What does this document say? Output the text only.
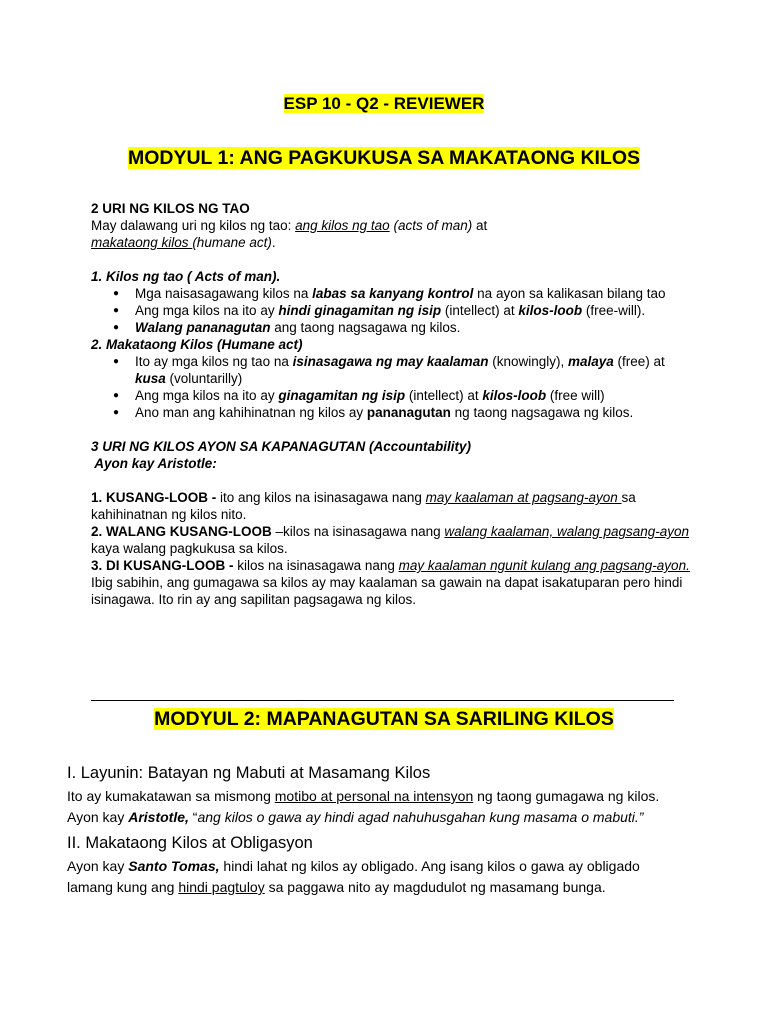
ESP 10 - Q2 - REVIEWER
MODYUL 1: ANG PAGKUKUSA SA MAKATAONG KILOS

2 URI NG KILOS NG TAO

May dalawang uri ng kilos ng tao: ang kilos ng tao (acts of man) at
makataong kilos (humane act).

1. Kilos ng tao ( Acts of man).

● Mga naisasagawang kilos na labas sa kanyang kontrol na ayon sa kalikasan bilang tao
● Ang mga kilos na ito ay hindi ginagamitan ng isip (intellect) at kilos-loob (free-will).
● Walang pananagutan ang taong nagsagawa ng kilos.

2. Makataong Kilos (Humane act)

● Ito ay mga kilos ng tao na isinasagawa ng may kaalaman (knowingly), malaya (free) at kusa (voluntarilly)
● Ang mga kilos na ito ay ginagamitan ng isip (intellect) at kilos-loob (free will)
● Ano man ang kahihinatnan ng kilos ay pananagutan ng taong nagsagawa ng kilos.

3 URI NG KILOS AYON SA KAPANAGUTAN (Accountability)

Ayon kay Aristotle:

1. KUSANG-LOOB - ito ang kilos na isinasagawa nang may kaalaman at pagsang-ayon sa kahihinatnan ng kilos nito.

2. WALANG KUSANG-LOOB –kilos na isinasagawa nang walang kaalaman, walang pagsang-ayon kaya walang pagkukusa sa kilos.

3. DI KUSANG-LOOB - kilos na isinasagawa nang may kaalaman ngunit kulang ang pagsang-ayon. Ibig sabihin, ang gumagawa sa kilos ay may kaalaman sa gawain na dapat isakatuparan pero hindi isinagawa. Ito rin ay ang sapilitan pagsagawa ng kilos.

MODYUL 2: MAPANAGUTAN SA SARILING KILOS

I. Layunin: Batayan ng Mabuti at Masamang Kilos

Ito ay kumakatawan sa mismong motibo at personal na intensyon ng taong gumagawa ng kilos. Ayon kay Aristotle, “ang kilos o gawa ay hindi agad nahuhusgahan kung masama o mabuti.”

II. Makataong Kilos at Obligasyon

Ayon kay Santo Tomas, hindi lahat ng kilos ay obligado. Ang isang kilos o gawa ay obligado lamang kung ang hindi pagtuloy sa paggawa nito ay magdudulot ng masamang bunga.
